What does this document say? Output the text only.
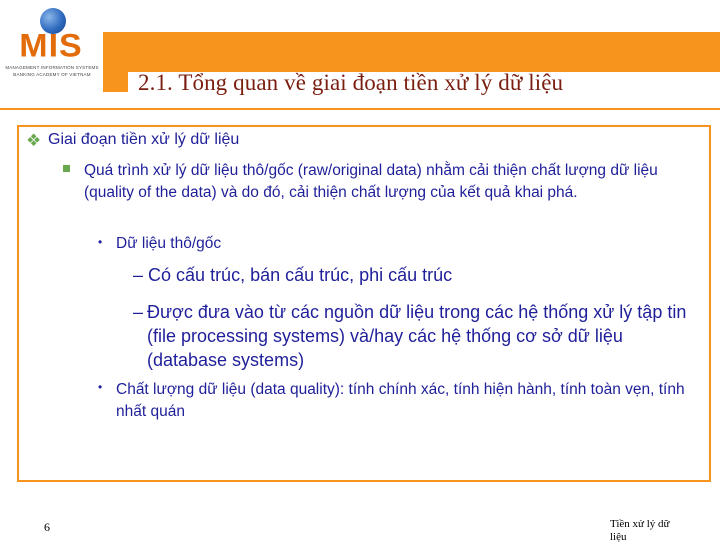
2.1. Tổng quan về giai đoạn tiền xử lý dữ liệu
MIS
MANAGEMENT INFORMATION SYSTEMS
BANKING ACADEMY OF VIETNAM
❖ Giai đoạn tiền xử lý dữ liệu
Quá trình xử lý dữ liệu thô/gốc (raw/original data) nhằm cải thiện chất lượng dữ liệu (quality of the data) và do đó, cải thiện chất lượng của kết quả khai phá.
• Dữ liệu thô/gốc
– Có cấu trúc, bán cấu trúc, phi cấu trúc
– Được đưa vào từ các nguồn dữ liệu trong các hệ thống xử lý tập tin (file processing systems) và/hay các hệ thống cơ sở dữ liệu (database systems)
• Chất lượng dữ liệu (data quality): tính chính xác, tính hiện hành, tính toàn vẹn, tính nhất quán
6	Tiền xử lý dữ liệu
